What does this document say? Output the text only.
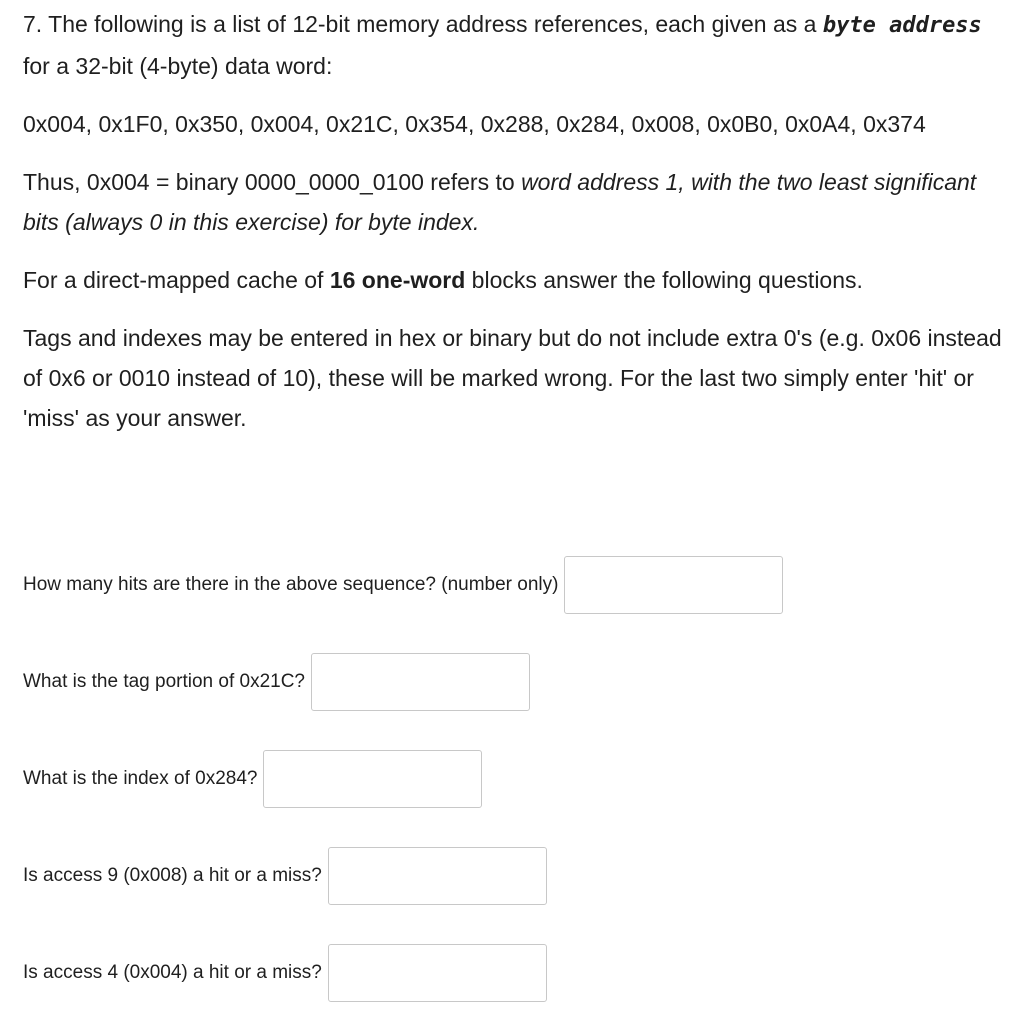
7. The following is a list of 12-bit memory address references, each given as a byte address for a 32-bit (4-byte) data word:

0x004, 0x1F0, 0x350, 0x004, 0x21C, 0x354, 0x288, 0x284, 0x008, 0x0B0, 0x0A4, 0x374

Thus, 0x004 = binary 0000_0000_0100 refers to word address 1, with the two least significant bits (always 0 in this exercise) for byte index.

For a direct-mapped cache of 16 one-word blocks answer the following questions.

Tags and indexes may be entered in hex or binary but do not include extra 0's (e.g. 0x06 instead of 0x6 or 0010 instead of 10), these will be marked wrong. For the last two simply enter 'hit' or 'miss' as your answer.

How many hits are there in the above sequence? (number only)
What is the tag portion of 0x21C?
What is the index of 0x284?
Is access 9 (0x008) a hit or a miss?
Is access 4 (0x004) a hit or a miss?
